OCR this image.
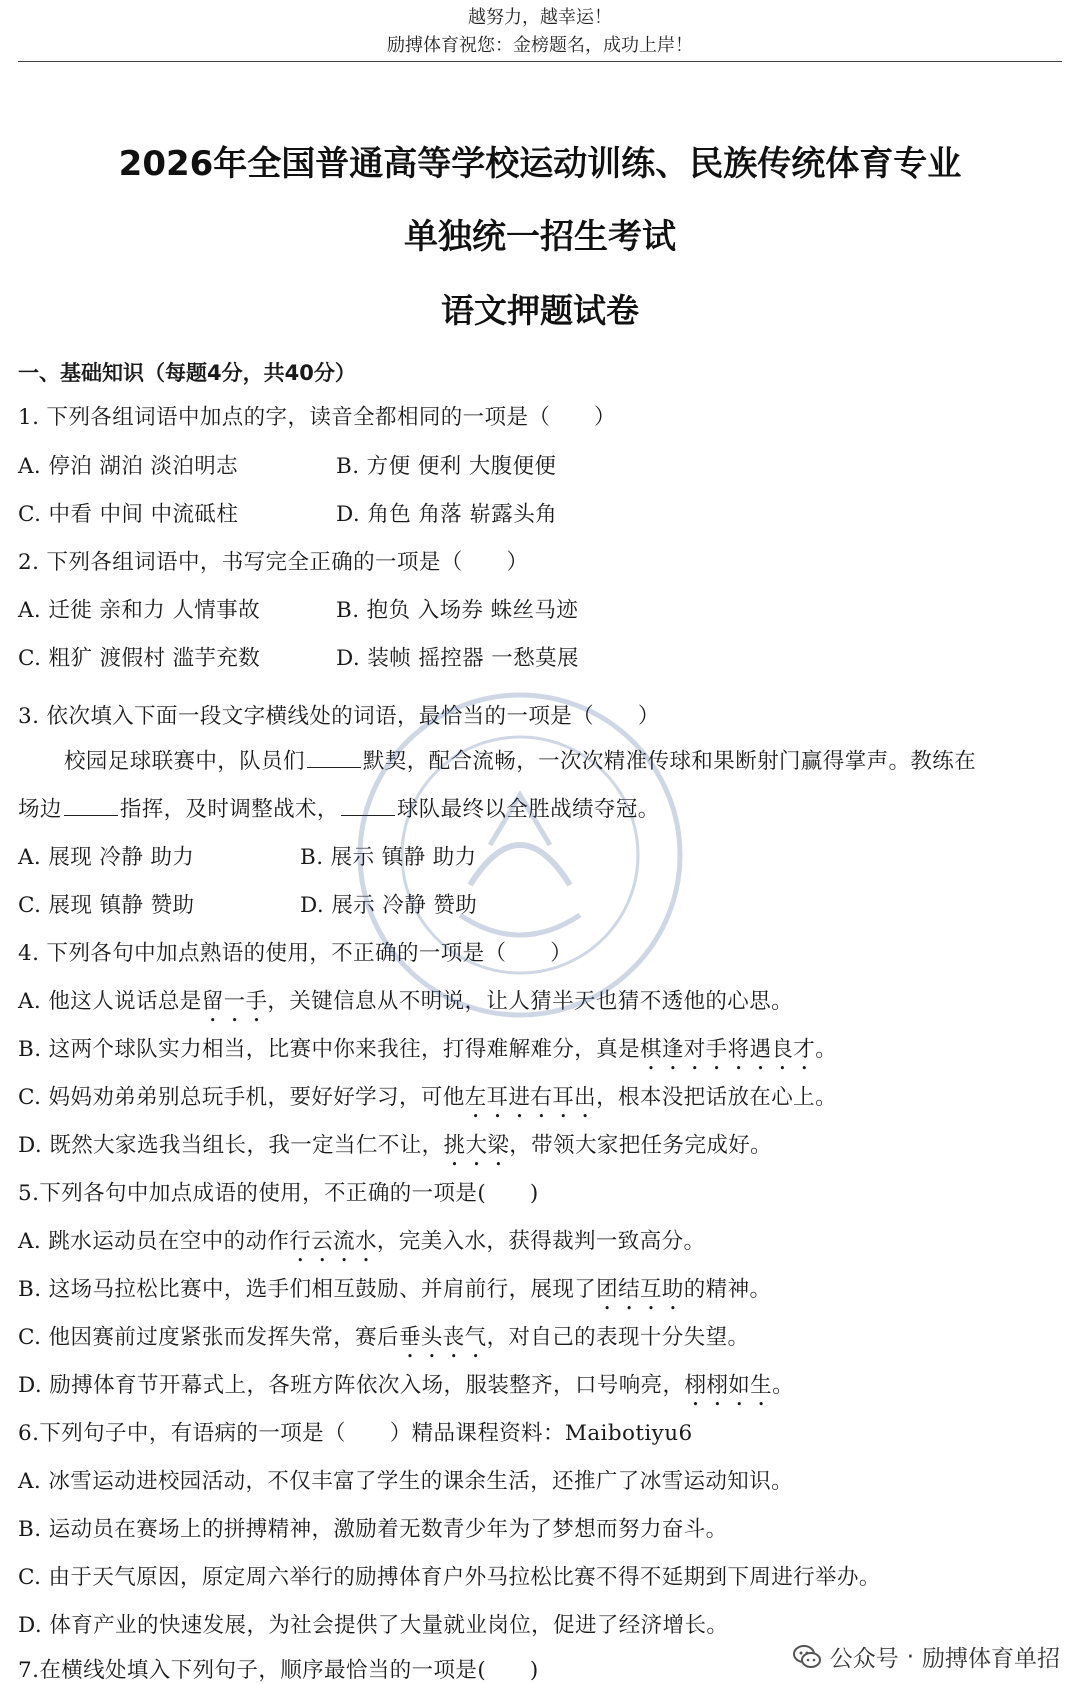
越努力，越幸运！
励搏体育祝您：金榜题名，成功上岸！
2026年全国普通高等学校运动训练、民族传统体育专业
单独统一招生考试
语文押题试卷
一、基础知识（每题4分，共40分）
1. 下列各组词语中加点的字，读音全都相同的一项是（　　）
A. 停泊 湖泊 淡泊明志	B. 方便 便利 大腹便便
C. 中看 中间 中流砥柱	D. 角色 角落 崭露头角
2. 下列各组词语中，书写完全正确的一项是（　　）
A. 迁徙 亲和力 人情事故	B. 抱负 入场券 蛛丝马迹
C. 粗犷 渡假村 滥芋充数	D. 装帧 摇控器 一愁莫展
3. 依次填入下面一段文字横线处的词语，最恰当的一项是（　　）
校园足球联赛中，队员们	默契，配合流畅，一次次精准传球和果断射门赢得掌声。教练在
场边	指挥，及时调整战术，	球队最终以全胜战绩夺冠。
A. 展现 冷静 助力	B. 展示 镇静 助力
C. 展现 镇静 赞助	D. 展示 冷静 赞助
4. 下列各句中加点熟语的使用，不正确的一项是（　　）
A. 他这人说话总是留一手，关键信息从不明说，让人猜半天也猜不透他的心思。
B. 这两个球队实力相当，比赛中你来我往，打得难解难分，真是棋逢对手将遇良才。
C. 妈妈劝弟弟别总玩手机，要好好学习，可他左耳进右耳出，根本没把话放在心上。
D. 既然大家选我当组长，我一定当仁不让，挑大梁，带领大家把任务完成好。
5.下列各句中加点成语的使用，不正确的一项是(　　)
A. 跳水运动员在空中的动作行云流水，完美入水，获得裁判一致高分。
B. 这场马拉松比赛中，选手们相互鼓励、并肩前行，展现了团结互助的精神。
C. 他因赛前过度紧张而发挥失常，赛后垂头丧气，对自己的表现十分失望。
D. 励搏体育节开幕式上，各班方阵依次入场，服装整齐，口号响亮，栩栩如生。
6.下列句子中，有语病的一项是（　　）精品课程资料：Maibotiyu6
A. 冰雪运动进校园活动，不仅丰富了学生的课余生活，还推广了冰雪运动知识。
B. 运动员在赛场上的拼搏精神，激励着无数青少年为了梦想而努力奋斗。
C. 由于天气原因，原定周六举行的励搏体育户外马拉松比赛不得不延期到下周进行举办。
D. 体育产业的快速发展，为社会提供了大量就业岗位，促进了经济增长。
7.在横线处填入下列句子，顺序最恰当的一项是(　　)	公众号 · 励搏体育单招
